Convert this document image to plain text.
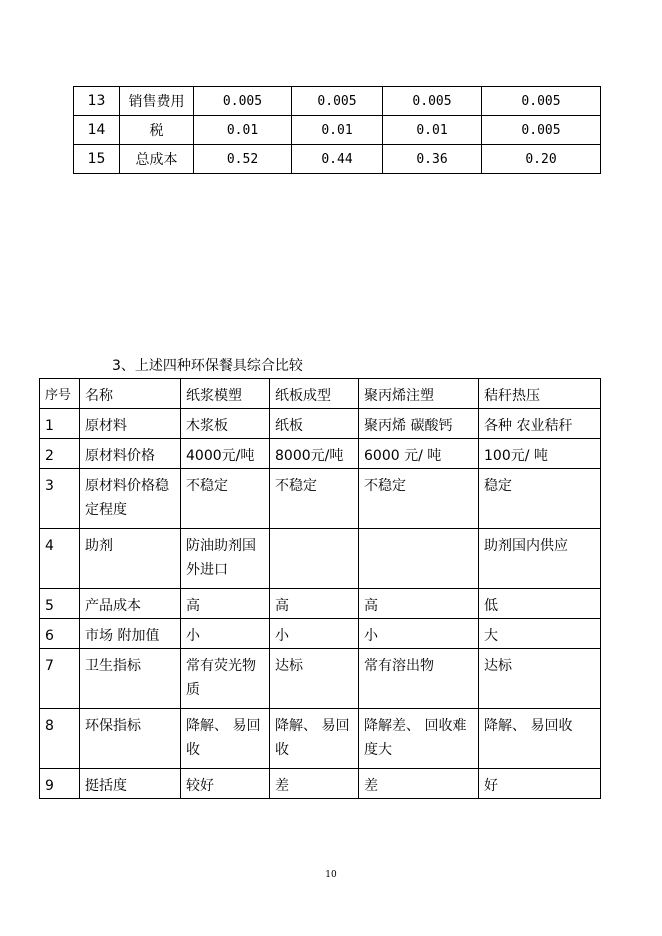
13	销售费用	0.005	0.005	0.005	0.005
14	税	0.01	0.01	0.01	0.005
15	总成本	0.52	0.44	0.36	0.20
3、上述四种环保餐具综合比较
序号	名称	纸浆模塑	纸板成型	聚丙烯注塑	秸秆热压
1	原材料	木浆板	纸板	聚丙烯 碳酸钙	各种 农业秸秆
2	原材料价格	4000元/吨	8000元/吨	6000 元/ 吨	100元/ 吨
3	原材料价格稳定程度	不稳定	不稳定	不稳定	稳定
4	助剂	防油助剂国外进口			助剂国内供应
5	产品成本	高	高	高	低
6	市场 附加值	小	小	小	大
7	卫生指标	常有荧光物质	达标	常有溶出物	达标
8	环保指标	降解、 易回收	降解、 易回收	降解差、 回收难度大	降解、 易回收
9	挺括度	较好	差	差	好
10
